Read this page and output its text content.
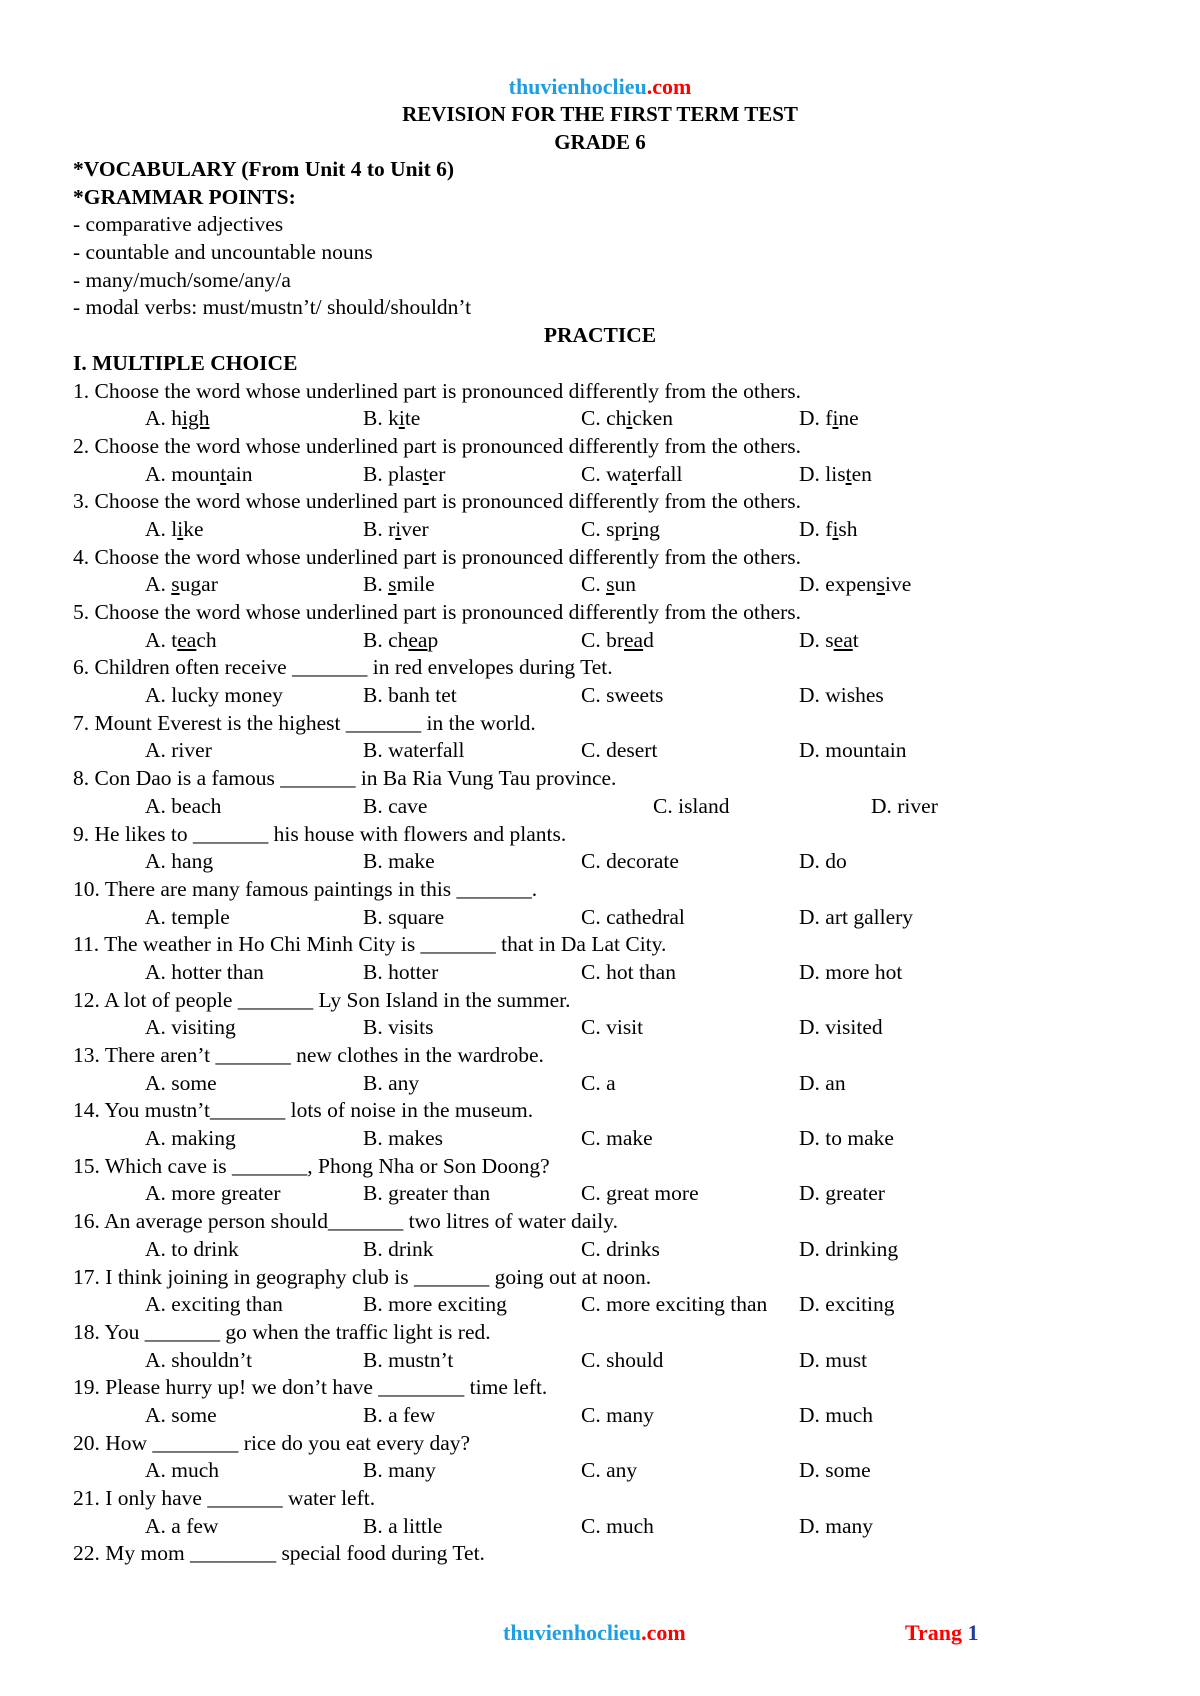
thuvienhoclieu.com
REVISION FOR THE FIRST TERM TEST
GRADE 6
*VOCABULARY (From Unit 4 to Unit 6)
*GRAMMAR POINTS:
- comparative adjectives
- countable and uncountable nouns
- many/much/some/any/a
- modal verbs: must/mustn’t/ should/shouldn’t
PRACTICE
I. MULTIPLE CHOICE
1. Choose the word whose underlined part is pronounced differently from the others.
A. high	B. kite	C. chicken	D. fine
2. Choose the word whose underlined part is pronounced differently from the others.
A. mountain	B. plaster	C. waterfall	D. listen
3. Choose the word whose underlined part is pronounced differently from the others.
A. like	B. river	C. spring	D. fish
4. Choose the word whose underlined part is pronounced differently from the others.
A. sugar	B. smile	C. sun	D. expensive
5. Choose the word whose underlined part is pronounced differently from the others.
A. teach	B. cheap	C. bread	D. seat
6. Children often receive _______ in red envelopes during Tet.
A. lucky money	B. banh tet	C. sweets	D. wishes
7. Mount Everest is the highest _______ in the world.
A. river	B. waterfall	C. desert	D. mountain
8. Con Dao is a famous _______ in Ba Ria Vung Tau province.
A. beach	B. cave	C. island	D. river
9. He likes to _______ his house with flowers and plants.
A. hang	B. make	C. decorate	D. do
10. There are many famous paintings in this _______.
A. temple	B. square	C. cathedral	D. art gallery
11. The weather in Ho Chi Minh City is _______ that in Da Lat City.
A. hotter than	B. hotter	C. hot than	D. more hot
12. A lot of people _______ Ly Son Island in the summer.
A. visiting	B. visits	C. visit	D. visited
13. There aren’t _______ new clothes in the wardrobe.
A. some	B. any	C. a	D. an
14. You mustn’t_______ lots of noise in the museum.
A. making	B. makes	C. make	D. to make
15. Which cave is _______, Phong Nha or Son Doong?
A. more greater	B. greater than	C. great more	D. greater
16. An average person should_______ two litres of water daily.
A. to drink	B. drink	C. drinks	D. drinking
17. I think joining in geography club is _______ going out at noon.
A. exciting than	B. more exciting	C. more exciting than D. exciting
18. You _______ go when the traffic light is red.
A. shouldn’t	B. mustn’t	C. should	D. must
19. Please hurry up! we don’t have ________ time left.
A. some	B. a few	C. many	D. much
20. How ________ rice do you eat every day?
A. much	B. many	C. any	D. some
21. I only have _______ water left.
A. a few	B. a little	C. much	D. many
22. My mom ________ special food during Tet.
thuvienhoclieu.com	Trang 1
